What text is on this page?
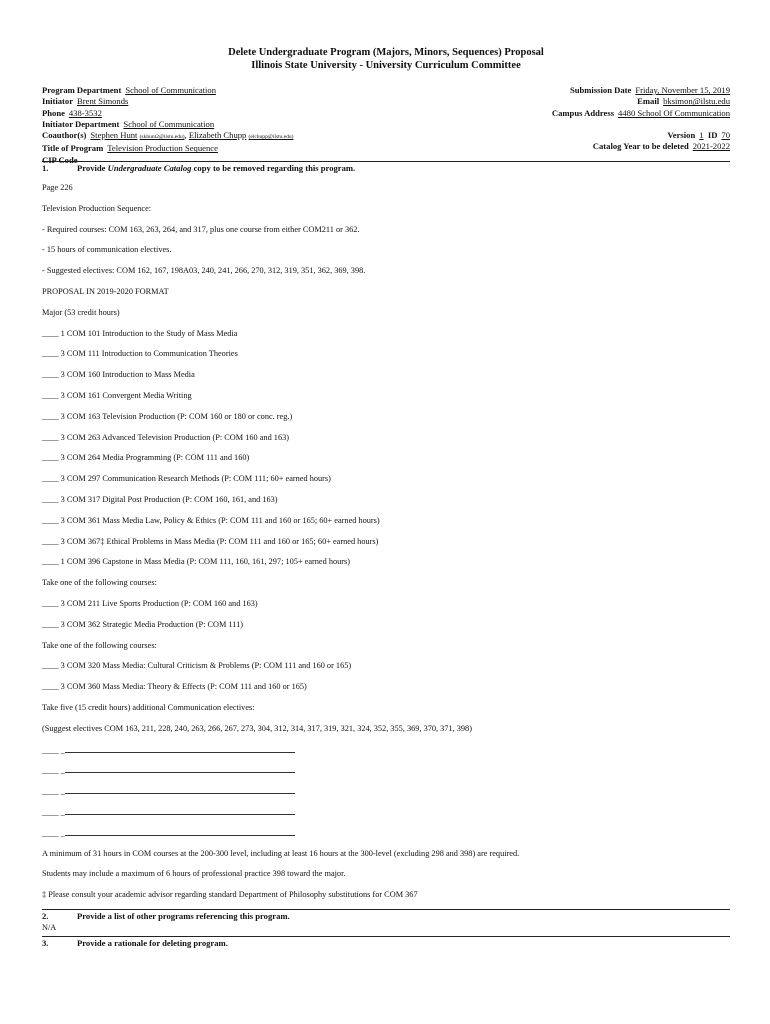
Delete Undergraduate Program (Majors, Minors, Sequences) Proposal
Illinois State University - University Curriculum Committee
Program Department School of Communication
Initiator Brent Simonds
Phone 438-3532
Initiator Department School of Communication
Coauthor(s) Stephen Hunt (skhunt2@ilstu.edu), Elizabeth Chupp (elchupp@ilstu.edu)
Title of Program Television Production Sequence
CIP Code
Submission Date Friday, November 15, 2019
Email bksimon@ilstu.edu
Campus Address 4480 School Of Communication
Version 1 ID 70
Catalog Year to be deleted 2021-2022
1.	Provide Undergraduate Catalog copy to be removed regarding this program.

Page 226

Television Production Sequence:

- Required courses: COM 163, 263, 264, and 317, plus one course from either COM211 or 362.

- 15 hours of communication electives.

- Suggested electives: COM 162, 167, 198A03, 240, 241, 266, 270, 312, 319, 351, 362, 369, 398.

PROPOSAL IN 2019-2020 FORMAT

Major (53 credit hours)

____ 1 COM 101 Introduction to the Study of Mass Media

____ 3 COM 111 Introduction to Communication Theories

____ 3 COM 160 Introduction to Mass Media

____ 3 COM 161 Convergent Media Writing

____ 3 COM 163 Television Production (P: COM 160 or 180 or conc. reg.)

____ 3 COM 263 Advanced Television Production (P: COM 160 and 163)

____ 3 COM 264 Media Programming (P: COM 111 and 160)

____ 3 COM 297 Communication Research Methods (P: COM 111; 60+ earned hours)

____ 3 COM 317 Digital Post Production (P: COM 160, 161, and 163)

____ 3 COM 361 Mass Media Law, Policy & Ethics (P: COM 111 and 160 or 165; 60+ earned hours)

____ 3 COM 367‡ Ethical Problems in Mass Media (P: COM 111 and 160 or 165; 60+ earned hours)

____ 1 COM 396 Capstone in Mass Media (P: COM 111, 160, 161, 297; 105+ earned hours)

Take one of the following courses:

____ 3 COM 211 Live Sports Production (P: COM 160 and 163)

____ 3 COM 362 Strategic Media Production (P: COM 111)

Take one of the following courses:

____ 3 COM 320 Mass Media: Cultural Criticism & Problems (P: COM 111 and 160 or 165)

____ 3 COM 360 Mass Media: Theory & Effects (P: COM 111 and 160 or 165)

Take five (15 credit hours) additional Communication electives:

(Suggest electives COM 163, 211, 228, 240, 263, 266, 267, 273, 304, 312, 314, 317, 319, 321, 324, 352, 355, 369, 370, 371, 398)

____ _

____ _

____ _

____ _

____ _

A minimum of 31 hours in COM courses at the 200-300 level, including at least 16 hours at the 300-level (excluding 298 and 398) are required.

Students may include a maximum of 6 hours of professional practice 398 toward the major.

‡ Please consult your academic advisor regarding standard Department of Philosophy substitutions for COM 367

2.	Provide a list of other programs referencing this program.
N/A
3.	Provide a rationale for deleting program.
